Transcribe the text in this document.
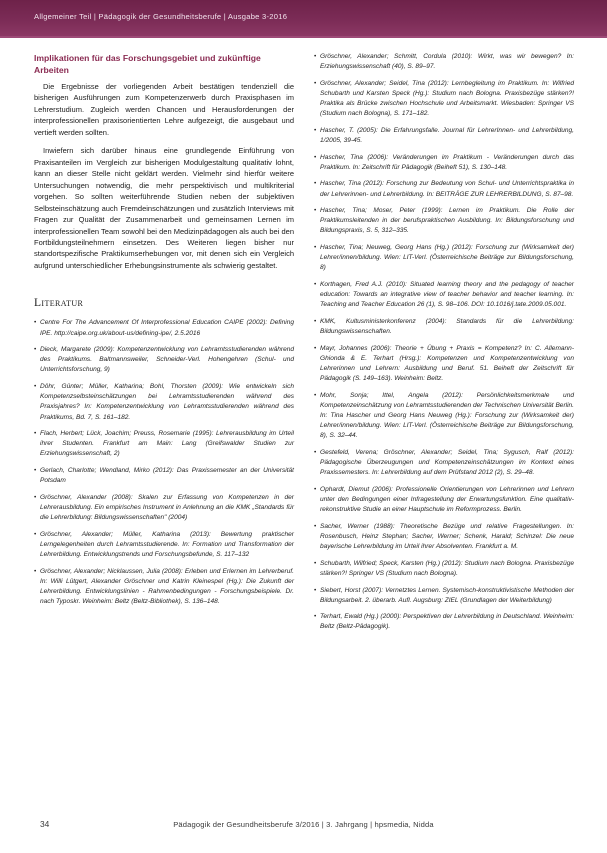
Allgemeiner Teil | Pädagogik der Gesundheitsberufe | Ausgabe 3-2016
Implikationen für das Forschungsgebiet und zukünftige Arbeiten

Die Ergebnisse der vorliegenden Arbeit bestätigen tendenziell die bisherigen Ausführungen zum Kompetenzerwerb durch Praxisphasen im Lehrerstudium. Zugleich werden Chancen und Herausforderungen der interprofessionellen praxisorientierten Lehre aufgezeigt, die ausgebaut und vertieft werden sollten.

Inwiefern sich darüber hinaus eine grundlegende Einführung von Praxisanteilen im Vergleich zur bisherigen Modulgestaltung qualitativ lohnt, kann an dieser Stelle nicht geklärt werden. Vielmehr sind hierfür weitere Untersuchungen notwendig, die mehr perspektivisch und multikriterial vorgehen. So sollten weiterführende Studien neben der subjektiven Selbsteinschätzung auch Fremdeinschätzungen und zusätzlich Interviews mit Fragen zur Qualität der Zusammenarbeit und gemeinsamen Lernen im interprofessionellen Team sowohl bei den Medizinpädagogen als auch bei den Fortbildungsteilnehmern einsetzen. Des Weiteren liegen bisher nur standortspezifische Praktikumserhebungen vor, mit denen sich ein Vergleich aufgrund unterschiedlicher Erhebungsinstrumente als schwierig gestaltet.

Literatur
• Centre For The Advancement Of Interprofessional Education CAIPE (2002): Defining IPE. http://caipe.org.uk/about-us/defining-ipe/, 2.5.2016
• Dieck, Margarete (2009): Kompetenzentwicklung von Lehramtsstudierenden während des Praktikums. Baltmannsweiler, Schneider-Verl. Hohengehren (Schul- und Unterrichtsforschung, 9)
• Döhr, Günter; Müller, Katharina; Bohl, Thorsten (2009): Wie entwickeln sich Kompetenzselbsteinschätzungen bei Lehramtsstudierenden während des Praxisjahres? In: Kompetenzentwicklung von Lehramtsstudierenden während des Praktikums, Bd. 7, S. 161–182.
• Flach, Herbert; Lück, Joachim; Preuss, Rosemarie (1995): Lehrerausbildung im Urteil ihrer Studenten. Frankfurt am Main: Lang (Greifswalder Studien zur Erziehungswissenschaft, 2)
• Gerlach, Charlotte; Wendland, Mirko (2012): Das Praxissemester an der Universität Potsdam
• Gröschner, Alexander (2008): Skalen zur Erfassung von Kompetenzen in der Lehrerausbildung. Ein empirisches Instrument in Anlehnung an die KMK „Standards für die Lehrerbildung: Bildungswissenschaften" (2004)
• Gröschner, Alexander; Müller, Katharina (2013): Bewertung praktischer Lerngelegenheiten durch Lehramtsstudierende. In: Formation und Transformation der Lehrerbildung. Entwicklungstrends und Forschungsbefunde, S. 117–132
• Gröschner, Alexander; Nicklaussen, Julia (2008): Erleben und Erlernen im Lehrerberuf. In: Willi Lütgert, Alexander Gröschner und Katrin Kleinespel (Hg.): Die Zukunft der Lehrerbildung. Entwicklungslinien - Rahmenbedingungen - Forschungsbeispiele. Dr. nach Typoskr. Weinheim: Beltz (Beltz-Bibliothek), S. 136–148.
• Gröschner, Alexander; Schmitt, Cordula (2010): Wirkt, was wir bewegen? In: Erziehungswissenschaft (40), S. 89–97.
• Gröschner, Alexander; Seidel, Tina (2012): Lernbegleitung im Praktikum. In: Wilfried Schubarth und Karsten Speck (Hg.): Studium nach Bologna. Praxisbezüge stärken?! Praktika als Brücke zwischen Hochschule und Arbeitsmarkt. Wiesbaden: Springer VS (Studium nach Bologna), S. 171–182.
• Hascher, T. (2005): Die Erfahrungsfalle. Journal für LehrerInnen- und Lehrerbildung, 1/2005, 39-45.
• Hascher, Tina (2006): Veränderungen im Praktikum - Veränderungen durch das Praktikum. In: Zeitschrift für Pädagogik (Beiheft 51), S. 130–148.
• Hascher, Tina (2012): Forschung zur Bedeutung von Schul- und Unterrichtspraktika in der Lehrerinnen- und Lehrerbildung. In: BEITRÄGE ZUR LEHRERBILDUNG, S. 87–98.
• Hascher, Tina; Moser, Peter (1999): Lernen im Praktikum. Die Rolle der Praktikumsleitenden in der berufspraktischen Ausbildung. In: Bildungsforschung und Bildungspraxis, S. 5, 312–335.
• Hascher, Tina; Neuweg, Georg Hans (Hg.) (2012): Forschung zur (Wirksamkeit der) Lehrer/innen/bildung. Wien: LIT-Verl. (Österreichische Beiträge zur Bildungsforschung, 8)
• Korthagen, Fred A.J. (2010): Situated learning theory and the pedagogy of teacher education: Towards an integrative view of teacher behavior and teacher learning. In: Teaching and Teacher Education 26 (1), S. 98–106. DOI: 10.1016/j.tate.2009.05.001.
• KMK, Kultusministerkonferenz (2004): Standards für die Lehrerbildung: Bildungswissenschaften.
• Mayr, Johannes (2006): Theorie + Übung + Praxis = Kompetenz? In: C. Allemann-Ghionda & E. Terhart (Hrsg.): Kompetenzen und Kompetenzentwicklung von Lehrerinnen und Lehrern: Ausbildung und Beruf. 51. Beiheft der Zeitschrift für Pädagogik (S. 149–163). Weinheim: Beltz.
• Mohr, Sonja; Ittel, Angela (2012): Persönlichkeitsmerkmale und Kompetenzeinschätzung von Lehramtsstudierenden der Technischen Universität Berlin. In: Tina Hascher und Georg Hans Neuweg (Hg.): Forschung zur (Wirksamkeit der) Lehrer/innen/bildung. Wien: LIT-Verl. (Österreichische Beiträge zur Bildungsforschung, 8), S. 32–44.
• Gestefeld, Verena; Gröschner, Alexander; Seidel, Tina; Sygusch, Ralf (2012): Pädagogische Überzeugungen und Kompetenzeinschätzungen im Kontext eines Praxissemesters. In: Lehrerbildung auf dem Prüfstand 2012 (2), S. 29–48.
• Ophardt, Diemut (2006): Professionelle Orientierungen von Lehrerinnen und Lehrern unter den Bedingungen einer Infragestellung der Erwartungsfunktion. Eine qualitativ-rekonstruktive Studie an einer Hauptschule im Reformprozess. Berlin.
• Sacher, Werner (1988): Theoretische Bezüge und relative Fragestellungen. In: Rosenbusch, Heinz Stephan; Sacher, Werner; Schenk, Harald; Schinzel: Die neue bayerische Lehrerbildung im Urteil ihrer Absolventen. Frankfurt a. M.
• Schubarth, Wilfried; Speck, Karsten (Hg.) (2012): Studium nach Bologna. Praxisbezüge stärken?! Springer VS (Studium nach Bologna).
• Siebert, Horst (2007): Vernetztes Lernen. Systemisch-konstruktivistische Methoden der Bildungsarbeit. 2. überarb. Aufl. Augsburg: ZIEL (Grundlagen der Weiterbildung)
• Terhart, Ewald (Hg.) (2000): Perspektiven der Lehrerbildung in Deutschland. Weinheim: Beltz (Beltz-Pädagogik).
34	Pädagogik der Gesundheitsberufe 3/2016 | 3. Jahrgang | hpsmedia, Nidda
